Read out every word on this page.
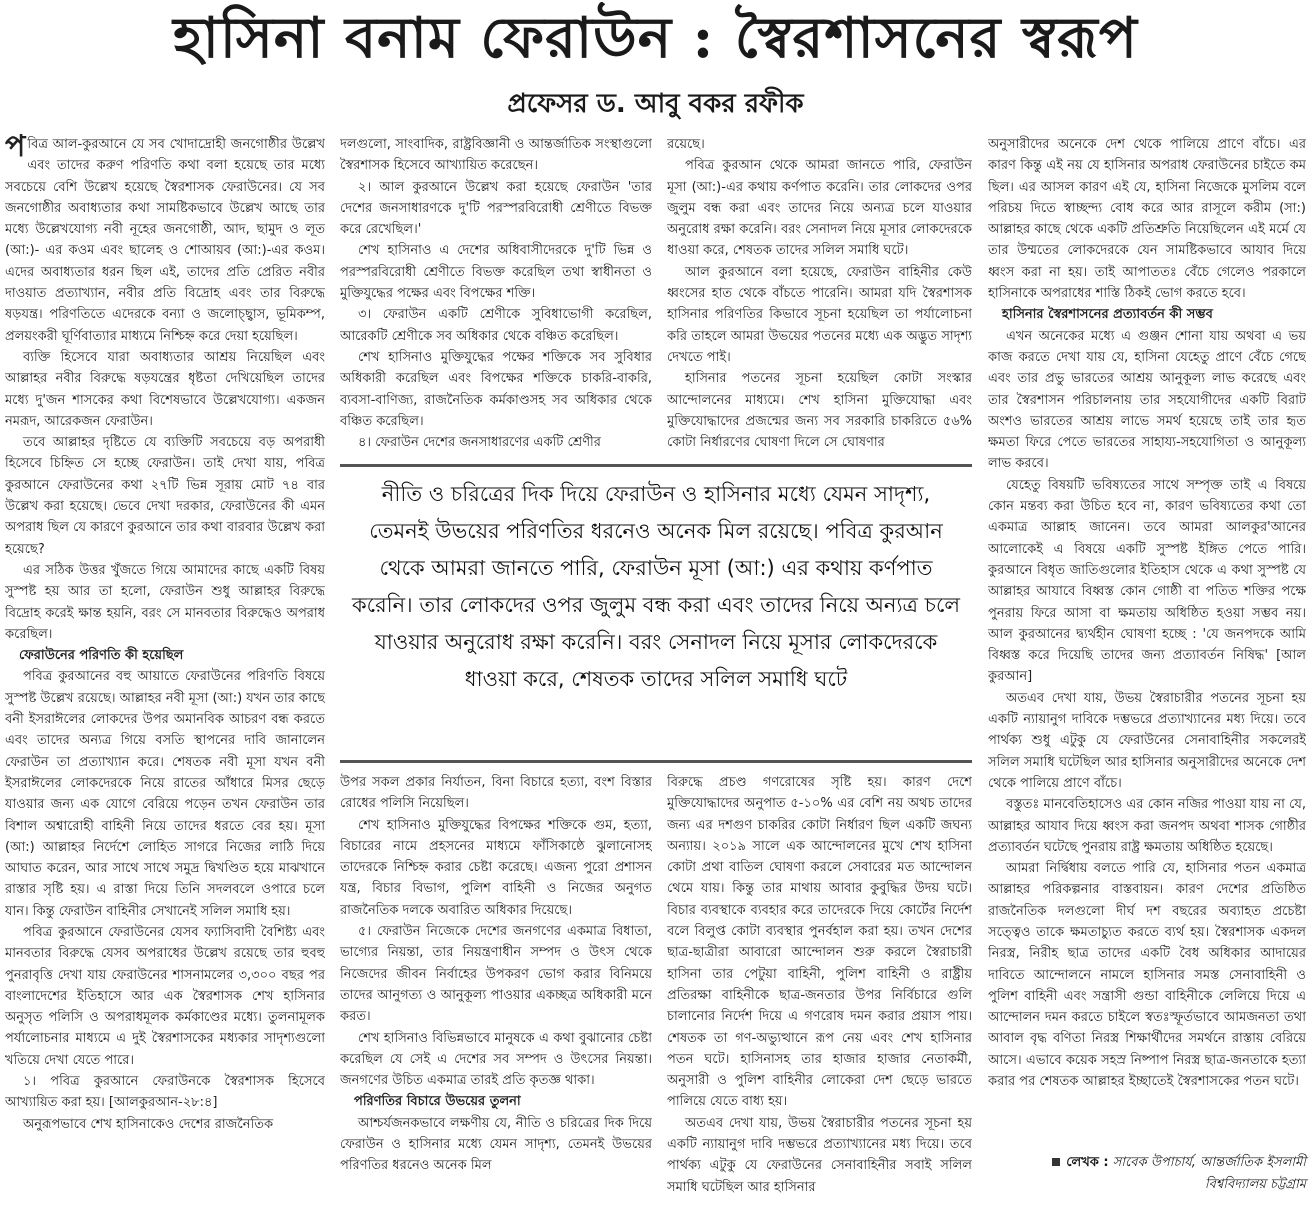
হাসিনা বনাম ফেরাউন : স্বৈরশাসনের স্বরূপ
প্রফেসর ড. আবু বকর রফীক

পবিত্র আল-কুরআনে যে সব খোদাদ্রোহী জনগোষ্ঠীর উল্লেখ এবং তাদের করুণ পরিণতি কথা বলা হয়েছে তার মধ্যে সবচেয়ে বেশি উল্লেখ হয়েছে স্বৈরশাসক ফেরাউনের। যে সব জনগোষ্ঠীর অবাধ্যতার কথা সামষ্টিকভাবে উল্লেখ আছে তার মধ্যে উল্লেখযোগ্য নবী নূহের জনগোষ্ঠী, আদ, ছামুদ ও লূত (আ:)- এর কওম এবং ছালেহ ও শোআয়ব (আ:)-এর কওম। এদের অবাধ্যতার ধরন ছিল এই, তাদের প্রতি প্রেরিত নবীর দাওয়াত প্রত্যাখ্যান, নবীর প্রতি বিদ্রোহ এবং তার বিরুদ্ধে ষড়যন্ত্র। পরিণতিতে এদেরকে বন্যা ও জলোচ্ছ্বাস, ভূমিকম্প, প্রলয়ংকরী ঘূর্ণিবাত্যার মাধ্যমে নিশ্চিহ্ন করে দেয়া হয়েছিল।

ব্যক্তি হিসেবে যারা অবাধ্যতার আশ্রয় নিয়েছিল এবং আল্লাহর নবীর বিরুদ্ধে ষড়যন্ত্রের ধৃষ্টতা দেখিয়েছিল তাদের মধ্যে দু'জন শাসকের কথা বিশেষভাবে উল্লেখযোগ্য। একজন নমরূদ, আরেকজন ফেরাউন।

তবে আল্লাহর দৃষ্টিতে যে ব্যক্তিটি সবচেয়ে বড় অপরাধী হিসেবে চিহ্নিত সে হচ্ছে ফেরাউন। তাই দেখা যায়, পবিত্র কুরআনে ফেরাউনের কথা ২৭টি ভিন্ন সূরায় মোট ৭৪ বার উল্লেখ করা হয়েছে। ভেবে দেখা দরকার, ফেরাউনের কী এমন অপরাধ ছিল যে কারণে কুরআনে তার কথা বারবার উল্লেখ করা হয়েছে?

এর সঠিক উত্তর খুঁজতে গিয়ে আমাদের কাছে একটি বিষয় সুস্পষ্ট হয় আর তা হলো, ফেরাউন শুধু আল্লাহর বিরুদ্ধে বিদ্রোহ করেই ক্ষান্ত হয়নি, বরং সে মানবতার বিরুদ্ধেও অপরাধ করেছিল।

ফেরাউনের পরিণতি কী হয়েছিল

পবিত্র কুরআনের বহু আয়াতে ফেরাউনের পরিণতি বিষয়ে সুস্পষ্ট উল্লেখ রয়েছে। আল্লাহর নবী মূসা (আ:) যখন তার কাছে বনী ইসরাঈলের লোকদের উপর অমানবিক আচরণ বন্ধ করতে এবং তাদের অন্যত্র গিয়ে বসতি স্থাপনের দাবি জানালেন ফেরাউন তা প্রত্যাখ্যান করে। শেষতক নবী মূসা যখন বনী ইসরাঈলের লোকদেরকে নিয়ে রাতের আঁধারে মিসর ছেড়ে যাওয়ার জন্য এক যোগে বেরিয়ে পড়েন তখন ফেরাউন তার বিশাল অশ্বারোহী বাহিনী নিয়ে তাদের ধরতে বের হয়। মূসা (আ:) আল্লাহর নির্দেশে লোহিত সাগরে নিজের লাঠি দিয়ে আঘাত করেন, আর সাথে সাথে সমুদ্র দ্বিখণ্ডিত হয়ে মাঝখানে রাস্তার সৃষ্টি হয়। এ রাস্তা দিয়ে তিনি সদলবলে ওপারে চলে যান। কিন্তু ফেরাউন বাহিনীর সেখানেই সলিল সমাধি হয়।

পবিত্র কুরআনে ফেরাউনের যেসব ফ্যাসিবাদী বৈশিষ্ট্য এবং মানবতার বিরুদ্ধে যেসব অপরাধের উল্লেখ রয়েছে তার হুবহু পুনরাবৃত্তি দেখা যায় ফেরাউনের শাসনামলের ৩,৩০০ বছর পর বাংলাদেশের ইতিহাসে আর এক স্বৈরশাসক শেখ হাসিনার অনুসৃত পলিসি ও অপরাধমূলক কর্মকাণ্ডের মধ্যে। তুলনামূলক পর্যালোচনার মাধ্যমে এ দুই স্বৈরশাসকের মধ্যকার সাদৃশ্যগুলো খতিয়ে দেখা যেতে পারে।

১। পবিত্র কুরআনে ফেরাউনকে স্বৈরশাসক হিসেবে আখ্যায়িত করা হয়। [আলকুরআন-২৮:৪]

অনুরূপভাবে শেখ হাসিনাকেও দেশের রাজনৈতিক

দলগুলো, সাংবাদিক, রাষ্ট্রবিজ্ঞানী ও আন্তর্জাতিক সংস্থাগুলো স্বৈরশাসক হিসেবে আখ্যায়িত করেছেন।

২। আল কুরআনে উল্লেখ করা হয়েছে ফেরাউন 'তার দেশের জনসাধারণকে দু'টি পরস্পরবিরোধী শ্রেণীতে বিভক্ত করে রেখেছিল।'

শেখ হাসিনাও এ দেশের অধিবাসীদেরকে দু'টি ভিন্ন ও পরস্পরবিরোধী শ্রেণীতে বিভক্ত করেছিল তথা স্বাধীনতা ও মুক্তিযুদ্ধের পক্ষের এবং বিপক্ষের শক্তি।

৩। ফেরাউন একটি শ্রেণীকে সুবিধাভোগী করেছিল, আরেকটি শ্রেণীকে সব অধিকার থেকে বঞ্চিত করেছিল।

শেখ হাসিনাও মুক্তিযুদ্ধের পক্ষের শক্তিকে সব সুবিধার অধিকারী করেছিল এবং বিপক্ষের শক্তিকে চাকরি-বাকরি, ব্যবসা-বাণিজ্য, রাজনৈতিক কর্মকাণ্ডসহ সব অধিকার থেকে বঞ্চিত করেছিল।

৪। ফেরাউন দেশের জনসাধারণের একটি শ্রেণীর

রয়েছে।

পবিত্র কুরআন থেকে আমরা জানতে পারি, ফেরাউন মূসা (আ:)-এর কথায় কর্ণপাত করেনি। তার লোকদের ওপর জুলুম বন্ধ করা এবং তাদের নিয়ে অন্যত্র চলে যাওয়ার অনুরোধ রক্ষা করেনি। বরং সেনাদল নিয়ে মূসার লোকদেরকে ধাওয়া করে, শেষতক তাদের সলিল সমাধি ঘটে।

আল কুরআনে বলা হয়েছে, ফেরাউন বাহিনীর কেউ ধ্বংসের হাত থেকে বাঁচতে পারেনি। আমরা যদি স্বৈরশাসক হাসিনার পরিণতির কিভাবে সূচনা হয়েছিল তা পর্যালোচনা করি তাহলে আমরা উভয়ের পতনের মধ্যে এক অদ্ভুত সাদৃশ্য দেখতে পাই।

হাসিনার পতনের সূচনা হয়েছিল কোটা সংস্কার আন্দোলনের মাধ্যমে। শেখ হাসিনা মুক্তিযোদ্ধা এবং মুক্তিযোদ্ধাদের প্রজন্মের জন্য সব সরকারি চাকরিতে ৫৬% কোটা নির্ধারণের ঘোষণা দিলে সে ঘোষণার

নীতি ও চরিত্রের দিক দিয়ে ফেরাউন ও হাসিনার মধ্যে যেমন সাদৃশ্য, তেমনই উভয়ের পরিণতির ধরনেও অনেক মিল রয়েছে। পবিত্র কুরআন থেকে আমরা জানতে পারি, ফেরাউন মূসা (আ:) এর কথায় কর্ণপাত করেনি। তার লোকদের ওপর জুলুম বন্ধ করা এবং তাদের নিয়ে অন্যত্র চলে যাওয়ার অনুরোধ রক্ষা করেনি। বরং সেনাদল নিয়ে মূসার লোকদেরকে ধাওয়া করে, শেষতক তাদের সলিল সমাধি ঘটে

উপর সকল প্রকার নির্যাতন, বিনা বিচারে হত্যা, বংশ বিস্তার রোধের পলিসি নিয়েছিল।

শেখ হাসিনাও মুক্তিযুদ্ধের বিপক্ষের শক্তিকে গুম, হত্যা, বিচারের নামে প্রহসনের মাধ্যমে ফাঁসিকাষ্ঠে ঝুলানোসহ তাদেরকে নিশ্চিহ্ন করার চেষ্টা করেছে। এজন্য পুরো প্রশাসন যন্ত্র, বিচার বিভাগ, পুলিশ বাহিনী ও নিজের অনুগত রাজনৈতিক দলকে অবারিত অধিকার দিয়েছে।

৫। ফেরাউন নিজেকে দেশের জনগণের একমাত্র বিধাতা, ভাগ্যের নিয়ন্তা, তার নিয়ন্ত্রণাধীন সম্পদ ও উৎস থেকে নিজেদের জীবন নির্বাহের উপকরণ ভোগ করার বিনিময়ে তাদের আনুগত্য ও আনুকূল্য পাওয়ার একচ্ছত্র অধিকারী মনে করত।

শেখ হাসিনাও বিভিন্নভাবে মানুষকে এ কথা বুঝানোর চেষ্টা করেছিল যে সেই এ দেশের সব সম্পদ ও উৎসের নিয়ন্তা। জনগণের উচিত একমাত্র তারই প্রতি কৃতজ্ঞ থাকা।

পরিণতির বিচারে উভয়ের তুলনা

আশ্চর্যজনকভাবে লক্ষণীয় যে, নীতি ও চরিত্রের দিক দিয়ে ফেরাউন ও হাসিনার মধ্যে যেমন সাদৃশ্য, তেমনই উভয়ের পরিণতির ধরনেও অনেক মিল

বিরুদ্ধে প্রচণ্ড গণরোষের সৃষ্টি হয়। কারণ দেশে মুক্তিযোদ্ধাদের অনুপাত ৫-১০% এর বেশি নয় অথচ তাদের জন্য এর দশগুণ চাকরির কোটা নির্ধারণ ছিল একটি জঘন্য অন্যায়। ২০১৯ সালে এক আন্দোলনের মুখে শেখ হাসিনা কোটা প্রথা বাতিল ঘোষণা করলে সেবারের মত আন্দোলন থেমে যায়। কিন্তু তার মাথায় আবার কুবুদ্ধির উদয় ঘটে। বিচার ব্যবস্থাকে ব্যবহার করে তাদেরকে দিয়ে কোর্টের নির্দেশ বলে বিলুপ্ত কোটা ব্যবস্থার পুনর্বহাল করা হয়। তখন দেশের ছাত্র-ছাত্রীরা আবারো আন্দোলন শুরু করলে স্বৈরাচারী হাসিনা তার পেটুয়া বাহিনী, পুলিশ বাহিনী ও রাষ্ট্রীয় প্রতিরক্ষা বাহিনীকে ছাত্র-জনতার উপর নির্বিচারে গুলি চালানোর নির্দেশ দিয়ে এ গণরোষ দমন করার প্রয়াস পায়। শেষতক তা গণ-অভ্যুত্থানে রূপ নেয় এবং শেখ হাসিনার পতন ঘটে। হাসিনাসহ তার হাজার হাজার নেতাকর্মী, অনুসারী ও পুলিশ বাহিনীর লোকেরা দেশ ছেড়ে ভারতে পালিয়ে যেতে বাধ্য হয়।

অতএব দেখা যায়, উভয় স্বৈরাচারীর পতনের সূচনা হয় একটি ন্যায়ানুগ দাবি দম্ভভরে প্রত্যাখ্যানের মধ্য দিয়ে। তবে পার্থক্য এটুকু যে ফেরাউনের সেনাবাহিনীর সবাই সলিল সমাধি ঘটেছিল আর হাসিনার

অনুসারীদের অনেকে দেশ থেকে পালিয়ে প্রাণে বাঁচে। এর কারণ কিন্তু এই নয় যে হাসিনার অপরাধ ফেরাউনের চাইতে কম ছিল। এর আসল কারণ এই যে, হাসিনা নিজেকে মুসলিম বলে পরিচয় দিতে স্বাচ্ছন্দ্য বোধ করে আর রাসূলে করীম (সা:) আল্লাহর কাছে থেকে একটি প্রতিশ্রুতি নিয়েছিলেন এই মর্মে যে তার উম্মতের লোকদেরকে যেন সামষ্টিকভাবে আযাব দিয়ে ধ্বংস করা না হয়। তাই আপাততঃ বেঁচে গেলেও পরকালে হাসিনাকে অপরাধের শাস্তি ঠিকই ভোগ করতে হবে।

হাসিনার স্বৈরশাসনের প্রত্যাবর্তন কী সম্ভব

এখন অনেকের মধ্যে এ গুঞ্জন শোনা যায় অথবা এ ভয় কাজ করতে দেখা যায় যে, হাসিনা যেহেতু প্রাণে বেঁচে গেছে এবং তার প্রভু ভারতের আশ্রয় আনুকূল্য লাভ করেছে এবং তার স্বৈরশাসন পরিচালনায় তার সহযোগীদের একটি বিরাট অংশও ভারতের আশ্রয় লাভে সমর্থ হয়েছে তাই তার হৃত ক্ষমতা ফিরে পেতে ভারতের সাহায্য-সহযোগিতা ও আনুকূল্য লাভ করবে।

যেহেতু বিষয়টি ভবিষ্যতের সাথে সম্পৃক্ত তাই এ বিষয়ে কোন মন্তব্য করা উচিত হবে না, কারণ ভবিষ্যতের কথা তো একমাত্র আল্লাহ জানেন। তবে আমরা আলকুর'আনের আলোকেই এ বিষয়ে একটি সুস্পষ্ট ইঙ্গিত পেতে পারি। কুরআনে বিধৃত জাতিগুলোর ইতিহাস থেকে এ কথা সুস্পষ্ট যে আল্লাহর আযাবে বিধ্বস্ত কোন গোষ্ঠী বা পতিত শক্তির পক্ষে পুনরায় ফিরে আসা বা ক্ষমতায় অধিষ্ঠিত হওয়া সম্ভব নয়। আল কুরআনের দ্ব্যর্থহীন ঘোষণা হচ্ছে : 'যে জনপদকে আমি বিধ্বস্ত করে দিয়েছি তাদের জন্য প্রত্যাবর্তন নিষিদ্ধ' [আল কুরআন]

অতএব দেখা যায়, উভয় স্বৈরাচারীর পতনের সূচনা হয় একটি ন্যায়ানুগ দাবিকে দম্ভভরে প্রত্যাখ্যানের মধ্য দিয়ে। তবে পার্থক্য শুধু এটুকু যে ফেরাউনের সেনাবাহিনীর সকলেরই সলিল সমাধি ঘটেছিল আর হাসিনার অনুসারীদের অনেকে দেশ থেকে পালিয়ে প্রাণে বাঁচে।

বস্তুতঃ মানবেতিহাসেও এর কোন নজির পাওয়া যায় না যে, আল্লাহর আযাব দিয়ে ধ্বংস করা জনপদ অথবা শাসক গোষ্ঠীর প্রত্যাবর্তন ঘটেছে পুনরায় রাষ্ট্র ক্ষমতায় অধিষ্ঠিত হয়েছে।

আমরা নির্দ্বিধায় বলতে পারি যে, হাসিনার পতন একমাত্র আল্লাহর পরিকল্পনার বাস্তবায়ন। কারণ দেশের প্রতিষ্ঠিত রাজনৈতিক দলগুলো দীর্ঘ দশ বছরের অব্যাহত প্রচেষ্টা সত্ত্বেও তাকে ক্ষমতাচ্যুত করতে ব্যর্থ হয়। স্বৈরশাসক একদল নিরস্ত্র, নিরীহ ছাত্র তাদের একটি বৈধ অধিকার আদায়ের দাবিতে আন্দোলনে নামলে হাসিনার সমস্ত সেনাবাহিনী ও পুলিশ বাহিনী এবং সন্ত্রাসী গুন্ডা বাহিনীকে লেলিয়ে দিয়ে এ আন্দোলন দমন করতে চাইলে স্বতঃস্ফূর্তভাবে আমজনতা তথা আবাল বৃদ্ধ বণিতা নিরস্ত্র শিক্ষার্থীদের সমর্থনে রাস্তায় বেরিয়ে আসে। এভাবে কয়েক সহস্র নিষ্পাপ নিরস্ত্র ছাত্র-জনতাকে হত্যা করার পর শেষতক আল্লাহর ইচ্ছাতেই স্বৈরশাসকের পতন ঘটে।

লেখক : সাবেক উপাচার্য, আন্তর্জাতিক ইসলামী বিশ্ববিদ্যালয় চট্টগ্রাম
